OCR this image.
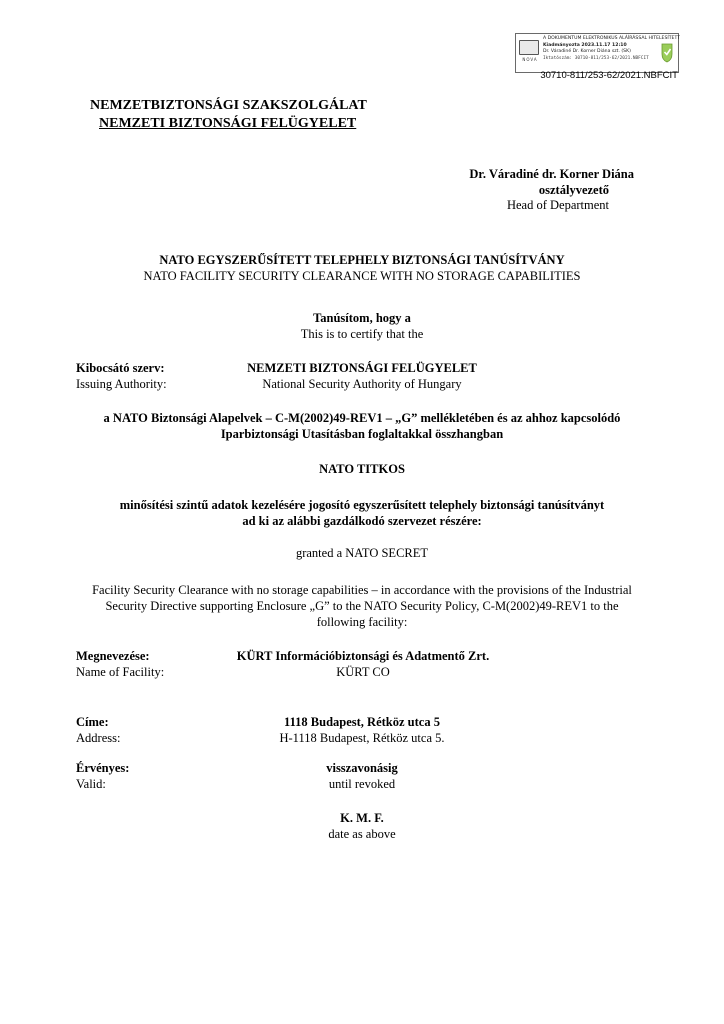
NOVA
A DOKUMENTUM ELEKTRONIKUS ALÁÍRÁSSAL HITELESÍTETT
Kiadmányozta 2023.11.17 12:10
Dr. Váradiné Dr. Korner Diána szt. (SK)
Iktatószám: 30710-811/253-62/2021.NBFCIT
30710-811/253-62/2021.NBFCIT
NEMZETBIZTONSÁGI SZAKSZOLGÁLAT
NEMZETI BIZTONSÁGI FELÜGYELET
Dr. Váradiné dr. Korner Diána
osztályvezető
Head of Department
NATO EGYSZERŰSÍTETT TELEPHELY BIZTONSÁGI TANÚSÍTVÁNY
NATO FACILITY SECURITY CLEARANCE WITH NO STORAGE CAPABILITIES
Tanúsítom, hogy a
This is to certify that the
Kibocsátó szerv:
Issuing Authority:
NEMZETI BIZTONSÁGI FELÜGYELET
National Security Authority of Hungary
a NATO Biztonsági Alapelvek – C-M(2002)49-REV1 – „G” mellékletében és az ahhoz kapcsolódó
Iparbiztonsági Utasításban foglaltakkal összhangban
NATO TITKOS
minősítési szintű adatok kezelésére jogosító egyszerűsített telephely biztonsági tanúsítványt
ad ki az alábbi gazdálkodó szervezet részére:
granted a NATO SECRET
Facility Security Clearance with no storage capabilities – in accordance with the provisions of the Industrial
Security Directive supporting Enclosure „G” to the NATO Security Policy, C-M(2002)49-REV1 to the
following facility:
Megnevezése:
Name of Facility:
KÜRT Információbiztonsági és Adatmentő Zrt.
KÜRT CO
Címe:
Address:
1118 Budapest, Rétköz utca 5
H-1118 Budapest, Rétköz utca 5.
Érvényes:
Valid:
visszavonásig
until revoked
K. M. F.
date as above
